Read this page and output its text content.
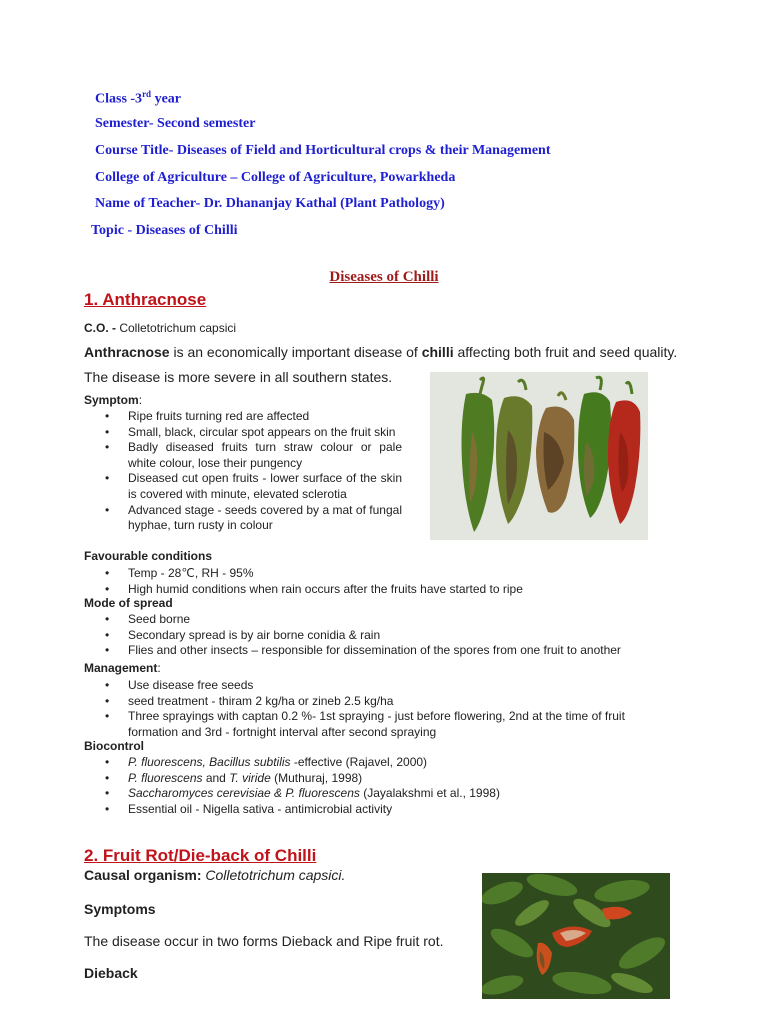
Class -3rd year
Semester- Second semester
Course Title- Diseases of Field and Horticultural crops & their Management
College of Agriculture – College of Agriculture, Powarkheda
Name of Teacher- Dr. Dhananjay Kathal (Plant Pathology)
Topic - Diseases of Chilli
Diseases of Chilli
1. Anthracnose
C.O. - Colletotrichum capsici
Anthracnose is an economically important disease of chilli affecting both fruit and seed quality.
The disease is more severe in all southern states.
Symptom:
• Ripe fruits turning red are affected
• Small, black, circular spot appears on the fruit skin
• Badly diseased fruits turn straw colour or pale white colour, lose their pungency
• Diseased cut open fruits - lower surface of the skin is covered with minute, elevated sclerotia
• Advanced stage - seeds covered by a mat of fungal hyphae, turn rusty in colour
Favourable conditions
• Temp - 28℃, RH - 95%
• High humid conditions when rain occurs after the fruits have started to ripe
Mode of spread
• Seed borne
• Secondary spread is by air borne conidia & rain
• Flies and other insects – responsible for dissemination of the spores from one fruit to another
Management:
• Use disease free seeds
• seed treatment - thiram 2 kg/ha or zineb 2.5 kg/ha
• Three sprayings with captan 0.2 %- 1st spraying - just before flowering, 2nd at the time of fruit formation and 3rd - fortnight interval after second spraying
Biocontrol
• P. fluorescens, Bacillus subtilis -effective (Rajavel, 2000)
• P. fluorescens and T. viride (Muthuraj, 1998)
• Saccharomyces cerevisiae & P. fluorescens (Jayalakshmi et al., 1998)
• Essential oil - Nigella sativa - antimicrobial activity
2. Fruit Rot/Die-back of Chilli
Causal organism: Colletotrichum capsici.
Symptoms
The disease occur in two forms Dieback and Ripe fruit rot.
Dieback
